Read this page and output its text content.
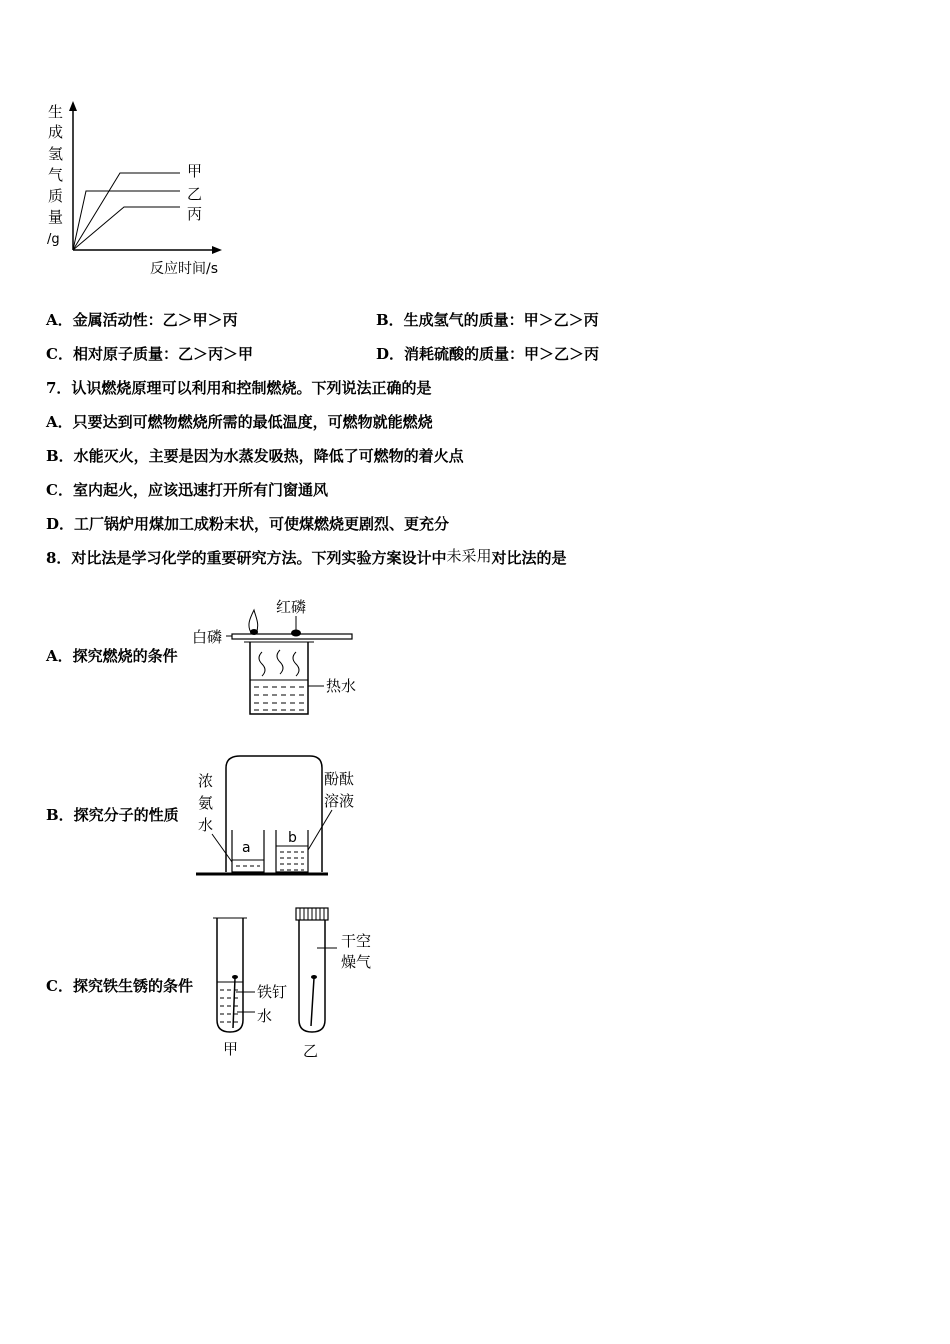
生
成
氢
气
质
量
/g
甲
乙
丙
反应时间/s
A．金属活动性：乙＞甲＞丙	B．生成氢气的质量：甲＞乙＞丙
C．相对原子质量：乙＞丙＞甲	D．消耗硫酸的质量：甲＞乙＞丙
7．认识燃烧原理可以利用和控制燃烧。下列说法正确的是
A．只要达到可燃物燃烧所需的最低温度，可燃物就能燃烧
B．水能灭火，主要是因为水蒸发吸热，降低了可燃物的着火点
C．室内起火，应该迅速打开所有门窗通风
D．工厂锅炉用煤加工成粉末状，可使煤燃烧更剧烈、更充分
8．对比法是学习化学的重要研究方法。下列实验方案设计中未采用对比法的是
A．探究燃烧的条件
白磷
红磷
热水
B．探究分子的性质
浓
氨
水
酚酞
溶液
a
b
C．探究铁生锈的条件
干空
燥气
铁钉
水
甲	乙
